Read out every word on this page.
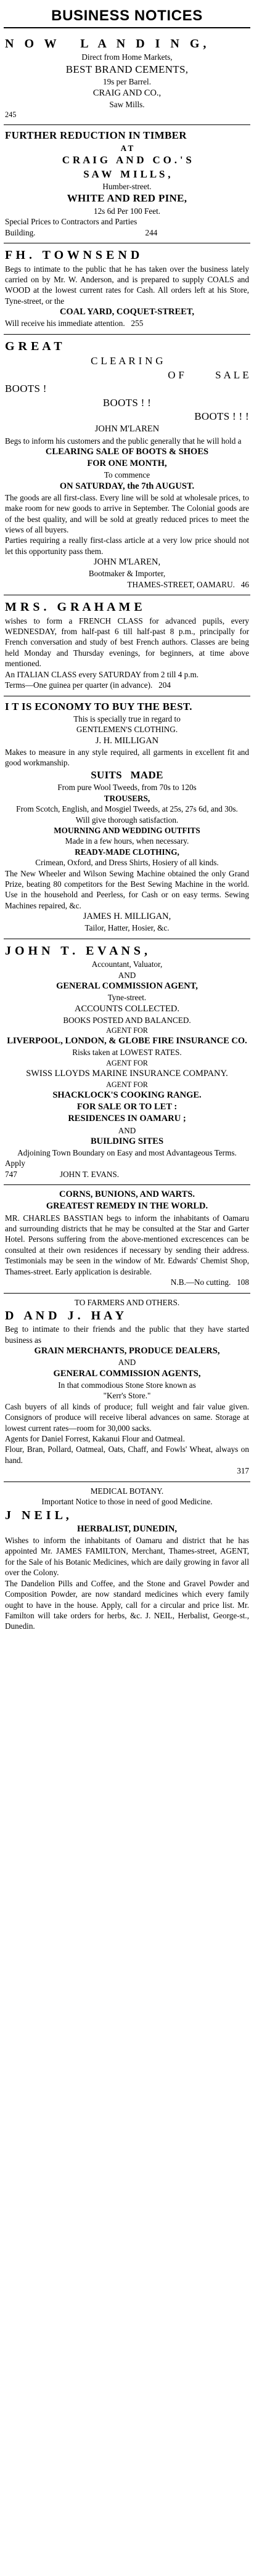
BUSINESS NOTICES
N O W   L A N D I N G,
Direct from Home Markets,
BEST BRAND CEMENTS,
19s per Barrel.
CRAIG AND CO.,
Saw Mills.
245
FURTHER REDUCTION IN TIMBER
A T
C R A I G   A N D   C O . ' S
S A W   M I L L S ,
Humber-street.
WHITE AND RED PINE,
12s 6d Per 100 Feet.
Special Prices to Contractors and Parties
Building.                                                      244
F H .   T O W N S E N D
Begs to intimate to the public that he has taken over the business lately carried on by Mr. W. Anderson, and is prepared to supply COALS and WOOD at the lowest current rates for Cash. All orders left at his Store, Tyne-street, or the
COAL YARD, COQUET-STREET,
Will receive his immediate attention.   255
G R E A T
C L E A R I N G
O F           S A L E
BOOTS !
BOOTS ! !
BOOTS ! ! !
JOHN M'LAREN
Begs to inform his customers and the public generally that he will hold a
CLEARING SALE OF BOOTS & SHOES
FOR ONE MONTH,
To commence
ON SATURDAY, the 7th AUGUST.
The goods are all first-class. Every line will be sold at wholesale prices, to make room for new goods to arrive in September. The Colonial goods are of the best quality, and will be sold at greatly reduced prices to meet the views of all buyers.
Parties requiring a really first-class article at a very low price should not let this opportunity pass them.
JOHN M'LAREN,
Bootmaker & Importer,
THAMES-STREET, OAMARU.   46
M R S .   G R A H A M E
wishes to form a FRENCH CLASS for advanced pupils, every WEDNESDAY, from half-past 6 till half-past 8 p.m., principally for French conversation and study of best French authors. Classes are being held Monday and Thursday evenings, for beginners, at time above mentioned.
An ITALIAN CLASS every SATURDAY from 2 till 4 p.m.
Terms—One guinea per quarter (in advance).   204
I T IS ECONOMY TO BUY THE BEST.
This is specially true in regard to
GENTLEMEN'S CLOTHING.
J. H. MILLIGAN
Makes to measure in any style required, all garments in excellent fit and good workmanship.
SUITS   MADE
From pure Wool Tweeds, from 70s to 120s
TROUSERS,
From Scotch, English, and Mosgiel Tweeds, at 25s, 27s 6d, and 30s.
Will give thorough satisfaction.
MOURNING AND WEDDING OUTFITS
Made in a few hours, when necessary.
READY-MADE CLOTHING,
Crimean, Oxford, and Dress Shirts, Hosiery of all kinds.
The New Wheeler and Wilson Sewing Machine obtained the only Grand Prize, beating 80 competitors for the Best Sewing Machine in the world. Use in the household and Peerless, for Cash or on easy terms. Sewing Machines repaired, &c.
JAMES H. MILLIGAN,
Tailor, Hatter, Hosier, &c.
J O H N   T .   E V A N S ,
Accountant, Valuator,
AND
GENERAL COMMISSION AGENT,
Tyne-street.
ACCOUNTS COLLECTED.
BOOKS POSTED AND BALANCED.
AGENT FOR
LIVERPOOL, LONDON, & GLOBE FIRE INSURANCE CO.
Risks taken at LOWEST RATES.
AGENT FOR
SWISS LLOYDS MARINE INSURANCE COMPANY.
AGENT FOR
SHACKLOCK'S COOKING RANGE.
FOR SALE OR TO LET :
RESIDENCES IN OAMARU ;
AND
BUILDING SITES
Adjoining Town Boundary on Easy and most Advantageous Terms.
Apply
747                     JOHN T. EVANS.
CORNS, BUNIONS, AND WARTS.
GREATEST REMEDY IN THE WORLD.
MR. CHARLES BASSTIAN begs to inform the inhabitants of Oamaru and surrounding districts that he may be consulted at the Star and Garter Hotel. Persons suffering from the above-mentioned excrescences can be consulted at their own residences if necessary by sending their address. Testimonials may be seen in the window of Mr. Edwards' Chemist Shop, Thames-street. Early application is desirable.
N.B.—No cutting.   108
TO FARMERS AND OTHERS.
D   A N D   J .   H A Y
Beg to intimate to their friends and the public that they have started business as
GRAIN MERCHANTS, PRODUCE DEALERS,
AND
GENERAL COMMISSION AGENTS,
In that commodious Stone Store known as
"Kerr's Store."
Cash buyers of all kinds of produce; full weight and fair value given. Consignors of produce will receive liberal advances on same. Storage at lowest current rates—room for 30,000 sacks.
Agents for Daniel Forrest, Kakanui Flour and Oatmeal.
Flour, Bran, Pollard, Oatmeal, Oats, Chaff, and Fowls' Wheat, always on hand.
317
MEDICAL BOTANY.
Important Notice to those in need of good Medicine.
J   N E I L ,
HERBALIST, DUNEDIN,
Wishes to inform the inhabitants of Oamaru and district that he has appointed Mr. JAMES FAMILTON, Merchant, Thames-street, AGENT, for the Sale of his Botanic Medicines, which are daily growing in favor all over the Colony.
The Dandelion Pills and Coffee, and the Stone and Gravel Powder and Composition Powder, are now standard medicines which every family ought to have in the house. Apply, call for a circular and price list. Mr. Familton will take orders for herbs, &c. J. NEIL, Herbalist, George-st., Dunedin.
